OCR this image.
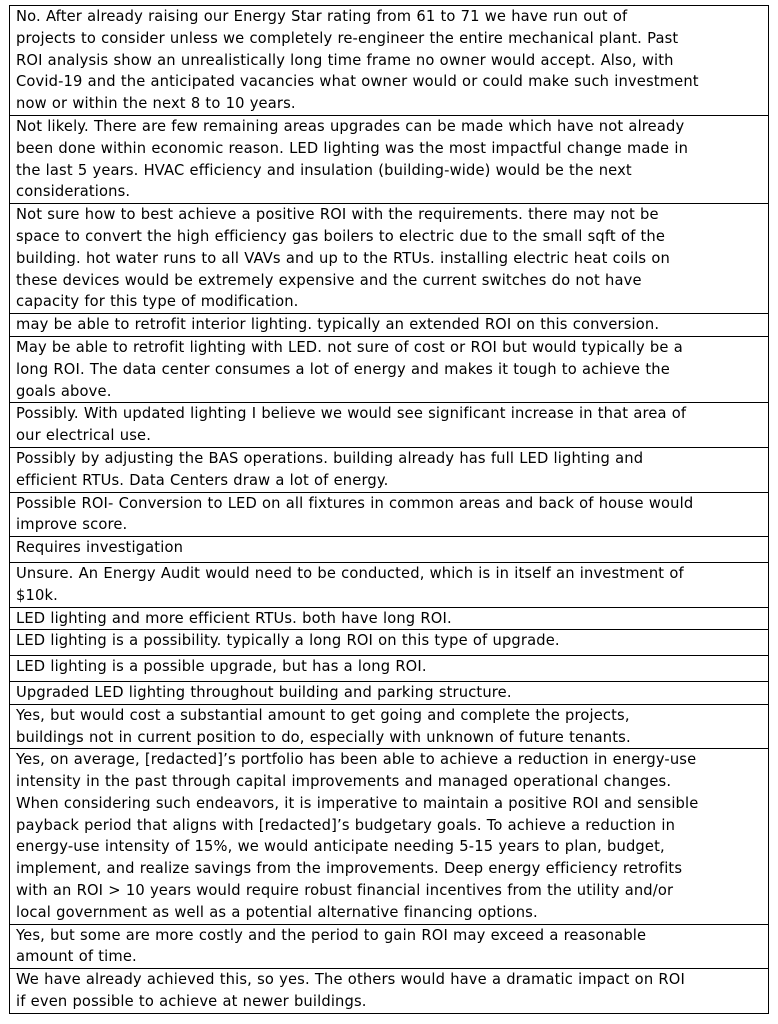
No. After already raising our Energy Star rating from 61 to 71 we have run out of
projects to consider unless we completely re-engineer the entire mechanical plant. Past
ROI analysis show an unrealistically long time frame no owner would accept. Also, with
Covid-19 and the anticipated vacancies what owner would or could make such investment
now or within the next 8 to 10 years.

Not likely. There are few remaining areas upgrades can be made which have not already
been done within economic reason. LED lighting was the most impactful change made in
the last 5 years. HVAC efficiency and insulation (building-wide) would be the next
considerations.

Not sure how to best achieve a positive ROI with the requirements. there may not be
space to convert the high efficiency gas boilers to electric due to the small sqft of the
building. hot water runs to all VAVs and up to the RTUs. installing electric heat coils on
these devices would be extremely expensive and the current switches do not have
capacity for this type of modification.

may be able to retrofit interior lighting. typically an extended ROI on this conversion.

May be able to retrofit lighting with LED. not sure of cost or ROI but would typically be a
long ROI. The data center consumes a lot of energy and makes it tough to achieve the
goals above.

Possibly. With updated lighting I believe we would see significant increase in that area of
our electrical use.

Possibly by adjusting the BAS operations. building already has full LED lighting and
efficient RTUs. Data Centers draw a lot of energy.

Possible ROI- Conversion to LED on all fixtures in common areas and back of house would
improve score.

Requires investigation

Unsure. An Energy Audit would need to be conducted, which is in itself an investment of
$10k.

LED lighting and more efficient RTUs. both have long ROI.

LED lighting is a possibility. typically a long ROI on this type of upgrade.

LED lighting is a possible upgrade, but has a long ROI.

Upgraded LED lighting throughout building and parking structure.

Yes, but would cost a substantial amount to get going and complete the projects,
buildings not in current position to do, especially with unknown of future tenants.

Yes, on average, [redacted]’s portfolio has been able to achieve a reduction in energy-use
intensity in the past through capital improvements and managed operational changes.
When considering such endeavors, it is imperative to maintain a positive ROI and sensible
payback period that aligns with [redacted]’s budgetary goals. To achieve a reduction in
energy-use intensity of 15%, we would anticipate needing 5-15 years to plan, budget,
implement, and realize savings from the improvements. Deep energy efficiency retrofits
with an ROI > 10 years would require robust financial incentives from the utility and/or
local government as well as a potential alternative financing options.

Yes, but some are more costly and the period to gain ROI may exceed a reasonable
amount of time.

We have already achieved this, so yes. The others would have a dramatic impact on ROI
if even possible to achieve at newer buildings.
